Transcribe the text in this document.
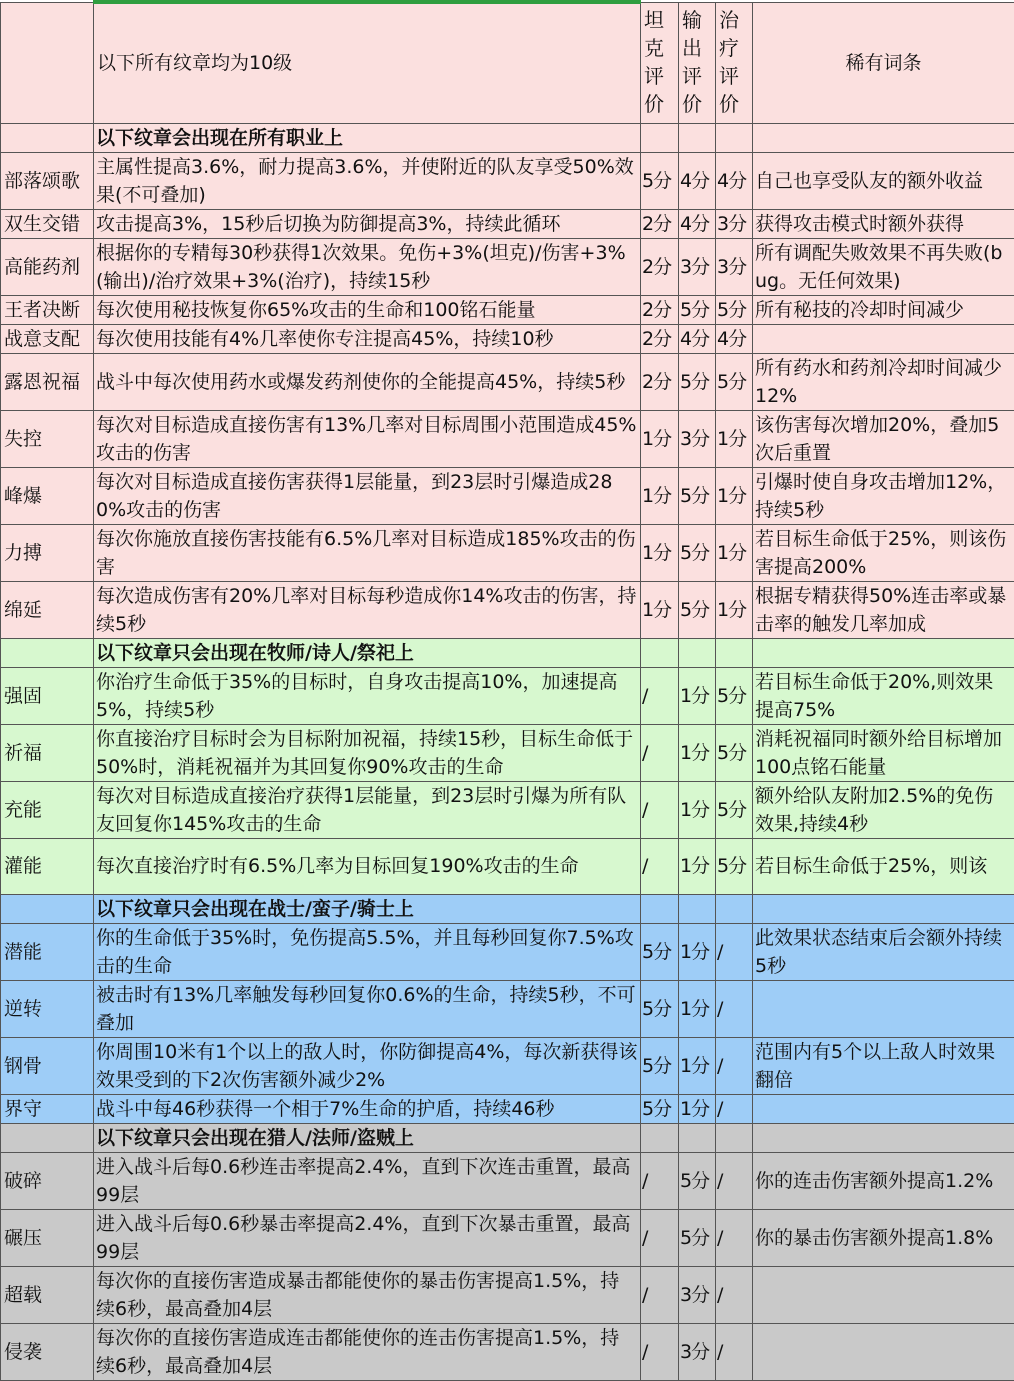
	以下所有纹章均为10级	坦
克
评
价	输
出
评
价	治
疗
评
价	稀有词条
	以下纹章会出现在所有职业上				
部落颂歌	主属性提高3.6%，耐力提高3.6%，并使附近的队友享受50%效果(不可叠加)	5分	4分	4分	自己也享受队友的额外收益
双生交错	攻击提高3%，15秒后切换为防御提高3%，持续此循环	2分	4分	3分	获得攻击模式时额外获得
高能药剂	根据你的专精每30秒获得1次效果。免伤+3%(坦克)/伤害+3%(输出)/治疗效果+3%(治疗)，持续15秒	2分	3分	3分	所有调配失败效果不再失败(bug。无任何效果)
王者决断	每次使用秘技恢复你65%攻击的生命和100铭石能量	2分	5分	5分	所有秘技的冷却时间减少
战意支配	每次使用技能有4%几率使你专注提高45%，持续10秒	2分	4分	4分	
露恩祝福	战斗中每次使用药水或爆发药剂使你的全能提高45%，持续5秒	2分	5分	5分	所有药水和药剂冷却时间减少12%
失控	每次对目标造成直接伤害有13%几率对目标周围小范围造成45%攻击的伤害	1分	3分	1分	该伤害每次增加20%，叠加5次后重置
峰爆	每次对目标造成直接伤害获得1层能量，到23层时引爆造成280%攻击的伤害	1分	5分	1分	引爆时使自身攻击增加12%，持续5秒
力搏	每次你施放直接伤害技能有6.5%几率对目标造成185%攻击的伤害	1分	5分	1分	若目标生命低于25%，则该伤害提高200%
绵延	每次造成伤害有20%几率对目标每秒造成你14%攻击的伤害，持续5秒	1分	5分	1分	根据专精获得50%连击率或暴击率的触发几率加成
	以下纹章只会出现在牧师/诗人/祭祀上				
强固	你治疗生命低于35%的目标时，自身攻击提高10%，加速提高5%，持续5秒	/	1分	5分	若目标生命低于20%,则效果提高75%
祈福	你直接治疗目标时会为目标附加祝福，持续15秒，目标生命低于50%时，消耗祝福并为其回复你90%攻击的生命	/	1分	5分	消耗祝福同时额外给目标增加100点铭石能量
充能	每次对目标造成直接治疗获得1层能量，到23层时引爆为所有队友回复你145%攻击的生命	/	1分	5分	额外给队友附加2.5%的免伤效果,持续4秒
灌能	每次直接治疗时有6.5%几率为目标回复190%攻击的生命	/	1分	5分	若目标生命低于25%，则该
	以下纹章只会出现在战士/蛮子/骑士上				
潜能	你的生命低于35%时，免伤提高5.5%，并且每秒回复你7.5%攻击的生命	5分	1分	/	此效果状态结束后会额外持续5秒
逆转	被击时有13%几率触发每秒回复你0.6%的生命，持续5秒，不可叠加	5分	1分	/	
钢骨	你周围10米有1个以上的敌人时，你防御提高4%，每次新获得该效果受到的下2次伤害额外减少2%	5分	1分	/	范围内有5个以上敌人时效果翻倍
界守	战斗中每46秒获得一个相于7%生命的护盾，持续46秒	5分	1分	/	
	以下纹章只会出现在猎人/法师/盗贼上				
破碎	进入战斗后每0.6秒连击率提高2.4%，直到下次连击重置，最高99层	/	5分	/	你的连击伤害额外提高1.2%
碾压	进入战斗后每0.6秒暴击率提高2.4%，直到下次暴击重置，最高99层	/	5分	/	你的暴击伤害额外提高1.8%
超载	每次你的直接伤害造成暴击都能使你的暴击伤害提高1.5%，持续6秒，最高叠加4层	/	3分	/	
侵袭	每次你的直接伤害造成连击都能使你的连击伤害提高1.5%，持续6秒，最高叠加4层	/	3分	/	
